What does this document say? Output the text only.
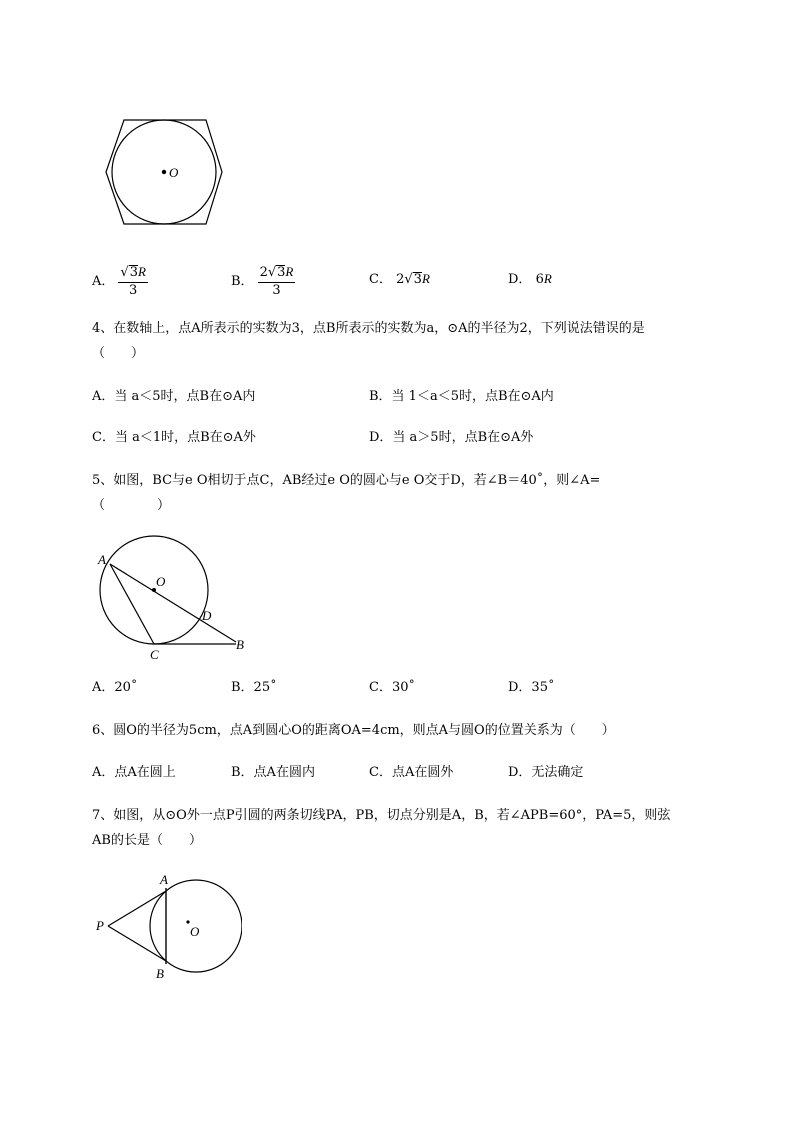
O
A． $\frac{√3R}{3}$	B． $\frac{2√3R}{3}$	C． 2√3R	D． 6R
4、在数轴上，点A所表示的实数为3，点B所表示的实数为a，⊙A的半径为2，下列说法错误的是
（　　）
A．当 a＜5时，点B在⊙A内	B．当 1＜a＜5时，点B在⊙A内
C．当 a＜1时，点B在⊙A外	D．当 a＞5时，点B在⊙A外
5、如图，BC与e O相切于点C，AB经过e O的圆心与e O交于D，若∠B＝40˚，则∠A=
（　　　　）
A
O
D
B
C
A．20˚	B．25˚	C．30˚	D．35˚
6、圆O的半径为5cm，点A到圆心O的距离OA=4cm，则点A与圆O的位置关系为（　　）
A．点A在圆上	B．点A在圆内	C．点A在圆外	D．无法确定
7、如图，从⊙O外一点P引圆的两条切线PA，PB，切点分别是A，B，若∠APB=60°，PA=5，则弦
AB的长是（　　）
A
P	O
B
